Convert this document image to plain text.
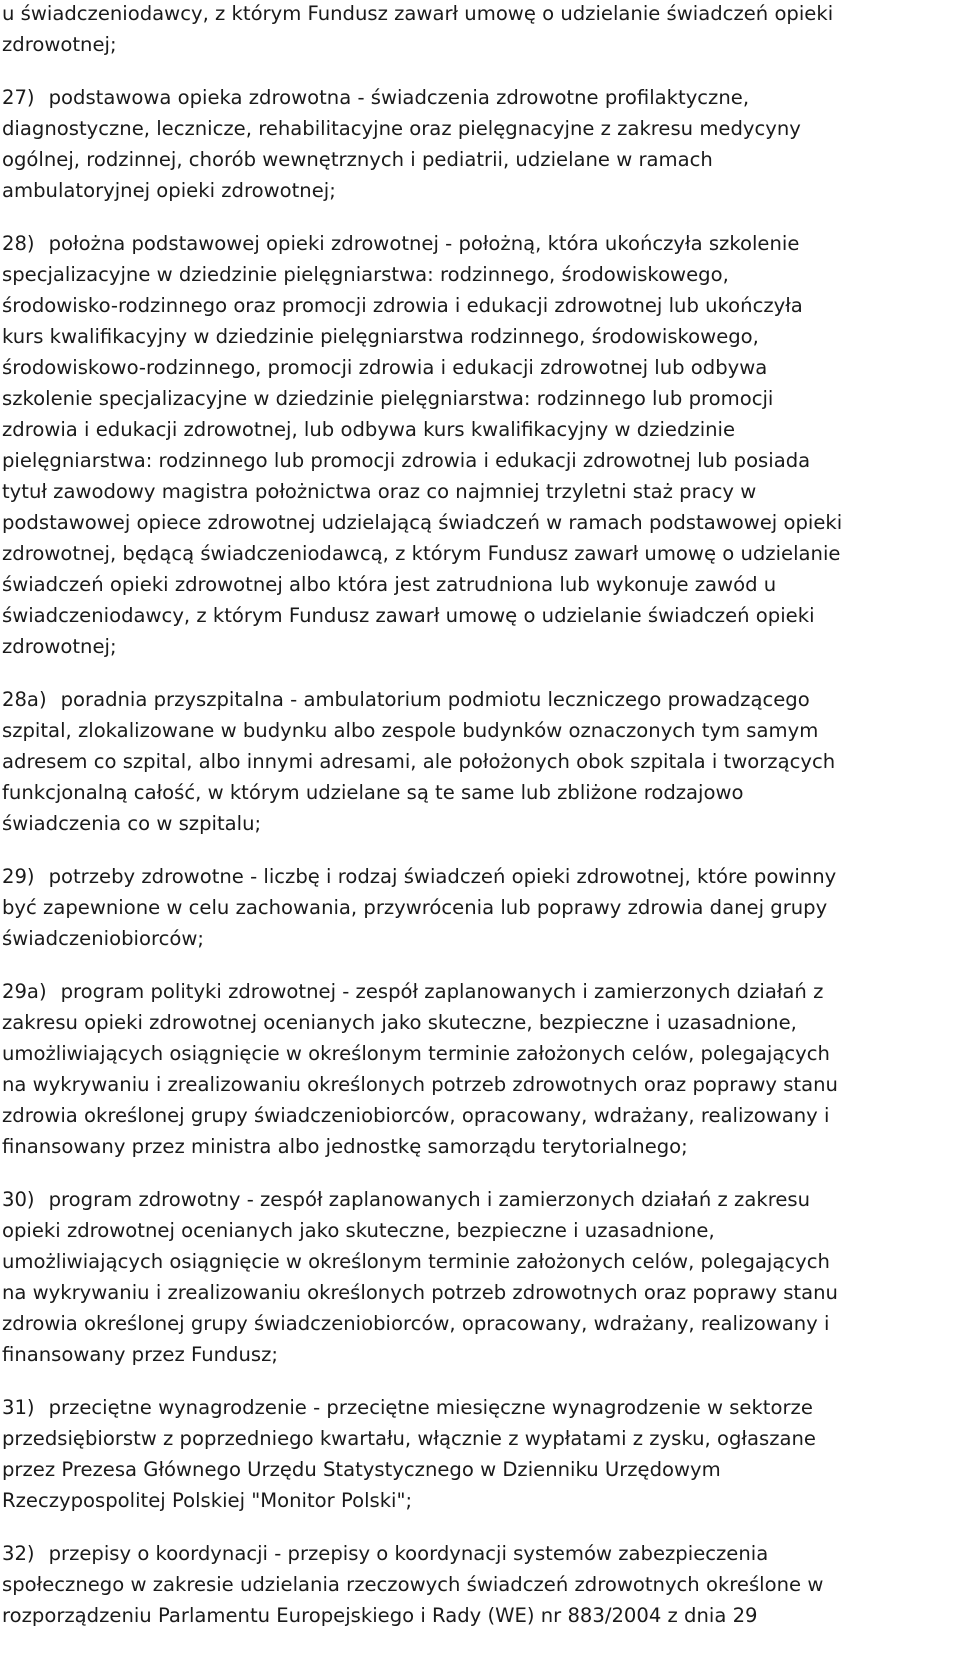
u świadczeniodawcy, z którym Fundusz zawarł umowę o udzielanie świadczeń opieki
zdrowotnej;
27) podstawowa opieka zdrowotna - świadczenia zdrowotne profilaktyczne,
diagnostyczne, lecznicze, rehabilitacyjne oraz pielęgnacyjne z zakresu medycyny
ogólnej, rodzinnej, chorób wewnętrznych i pediatrii, udzielane w ramach
ambulatoryjnej opieki zdrowotnej;
28) położna podstawowej opieki zdrowotnej - położną, która ukończyła szkolenie
specjalizacyjne w dziedzinie pielęgniarstwa: rodzinnego, środowiskowego,
środowisko-rodzinnego oraz promocji zdrowia i edukacji zdrowotnej lub ukończyła
kurs kwalifikacyjny w dziedzinie pielęgniarstwa rodzinnego, środowiskowego,
środowiskowo-rodzinnego, promocji zdrowia i edukacji zdrowotnej lub odbywa
szkolenie specjalizacyjne w dziedzinie pielęgniarstwa: rodzinnego lub promocji
zdrowia i edukacji zdrowotnej, lub odbywa kurs kwalifikacyjny w dziedzinie
pielęgniarstwa: rodzinnego lub promocji zdrowia i edukacji zdrowotnej lub posiada
tytuł zawodowy magistra położnictwa oraz co najmniej trzyletni staż pracy w
podstawowej opiece zdrowotnej udzielającą świadczeń w ramach podstawowej opieki
zdrowotnej, będącą świadczeniodawcą, z którym Fundusz zawarł umowę o udzielanie
świadczeń opieki zdrowotnej albo która jest zatrudniona lub wykonuje zawód u
świadczeniodawcy, z którym Fundusz zawarł umowę o udzielanie świadczeń opieki
zdrowotnej;
28a) poradnia przyszpitalna - ambulatorium podmiotu leczniczego prowadzącego
szpital, zlokalizowane w budynku albo zespole budynków oznaczonych tym samym
adresem co szpital, albo innymi adresami, ale położonych obok szpitala i tworzących
funkcjonalną całość, w którym udzielane są te same lub zbliżone rodzajowo
świadczenia co w szpitalu;
29) potrzeby zdrowotne - liczbę i rodzaj świadczeń opieki zdrowotnej, które powinny
być zapewnione w celu zachowania, przywrócenia lub poprawy zdrowia danej grupy
świadczeniobiorców;
29a) program polityki zdrowotnej - zespół zaplanowanych i zamierzonych działań z
zakresu opieki zdrowotnej ocenianych jako skuteczne, bezpieczne i uzasadnione,
umożliwiających osiągnięcie w określonym terminie założonych celów, polegających
na wykrywaniu i zrealizowaniu określonych potrzeb zdrowotnych oraz poprawy stanu
zdrowia określonej grupy świadczeniobiorców, opracowany, wdrażany, realizowany i
finansowany przez ministra albo jednostkę samorządu terytorialnego;
30) program zdrowotny - zespół zaplanowanych i zamierzonych działań z zakresu
opieki zdrowotnej ocenianych jako skuteczne, bezpieczne i uzasadnione,
umożliwiających osiągnięcie w określonym terminie założonych celów, polegających
na wykrywaniu i zrealizowaniu określonych potrzeb zdrowotnych oraz poprawy stanu
zdrowia określonej grupy świadczeniobiorców, opracowany, wdrażany, realizowany i
finansowany przez Fundusz;
31) przeciętne wynagrodzenie - przeciętne miesięczne wynagrodzenie w sektorze
przedsiębiorstw z poprzedniego kwartału, włącznie z wypłatami z zysku, ogłaszane
przez Prezesa Głównego Urzędu Statystycznego w Dzienniku Urzędowym
Rzeczypospolitej Polskiej "Monitor Polski";
32) przepisy o koordynacji - przepisy o koordynacji systemów zabezpieczenia
społecznego w zakresie udzielania rzeczowych świadczeń zdrowotnych określone w
rozporządzeniu Parlamentu Europejskiego i Rady (WE) nr 883/2004 z dnia 29
